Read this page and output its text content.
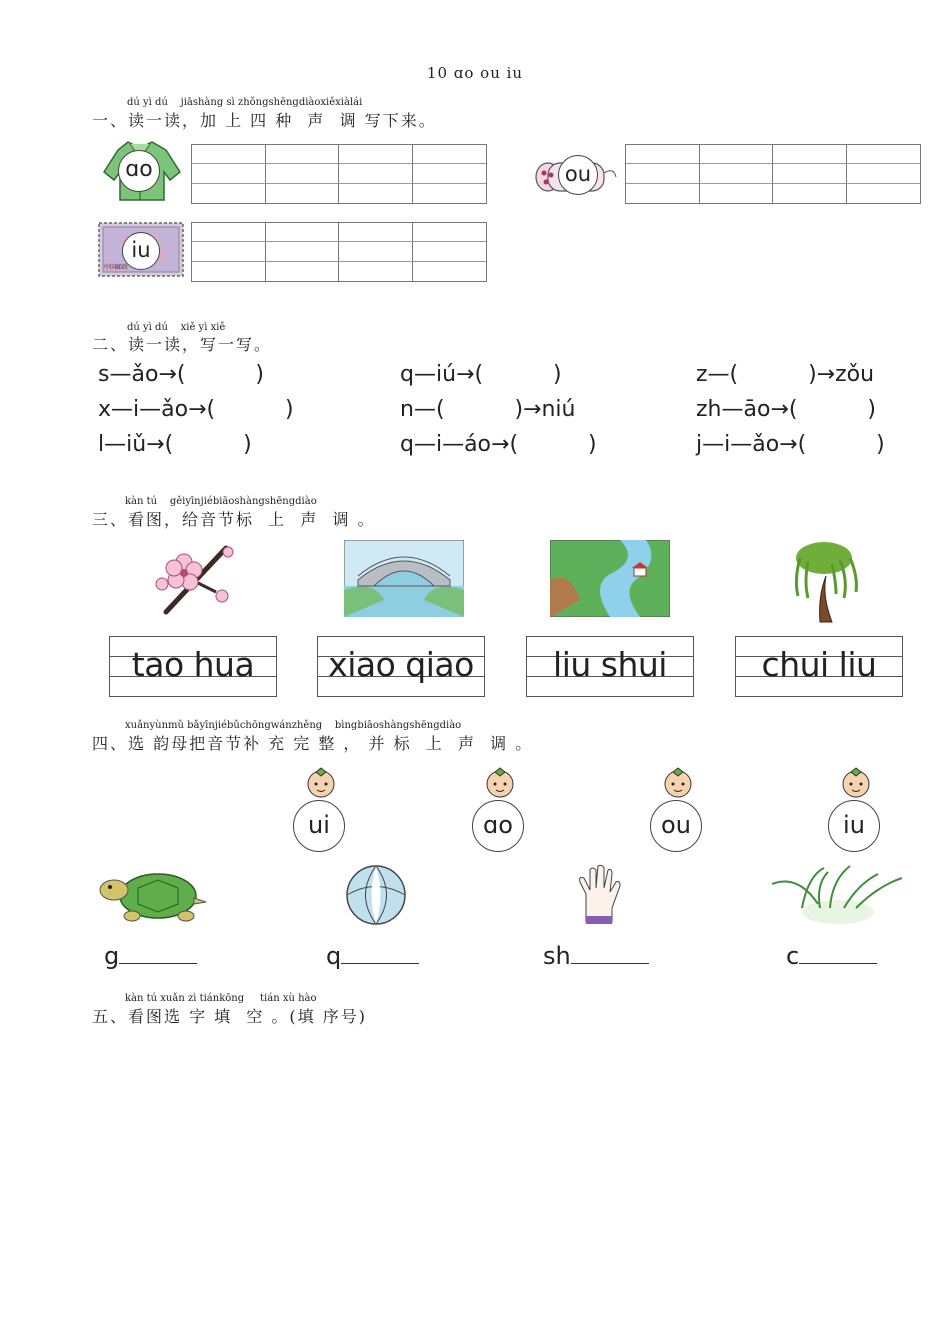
10 ɑo ou iu
dú yì dú    jiāshàng sì zhǒngshēngdiàoxiěxiàlái
一、读一读，加 上 四 种  声  调 写下来。
ɑo	ou
中国邮政
iu
dú yì dú    xiě yì xiě
二、读一读，写一写。
s—ǎo→(          )	q—iú→(          )	z—(          )→zǒu
x—i—ǎo→(          )	n—(          )→niú	zh—āo→(          )
l—iǔ→(          )	q—i—áo→(          )	j—i—ǎo→(          )
kàn tú    gěiyīnjiébiāoshàngshēngdiào
三、看图，给音节标  上  声  调 。
tao hua	xiao qiao	liu shui	chui liu
xuǎnyùnmǔ bǎyīnjiébǔchōngwánzhěng    bìngbiāoshàngshēngdiào
四、选 韵母把音节补 充 完 整 ， 并 标  上  声  调 。
ui	ɑo	ou	iu
g	q	sh	c
kàn tú xuǎn zì tiánkōng     tián xù hào
五、看图选 字 填  空 。(填 序号)
